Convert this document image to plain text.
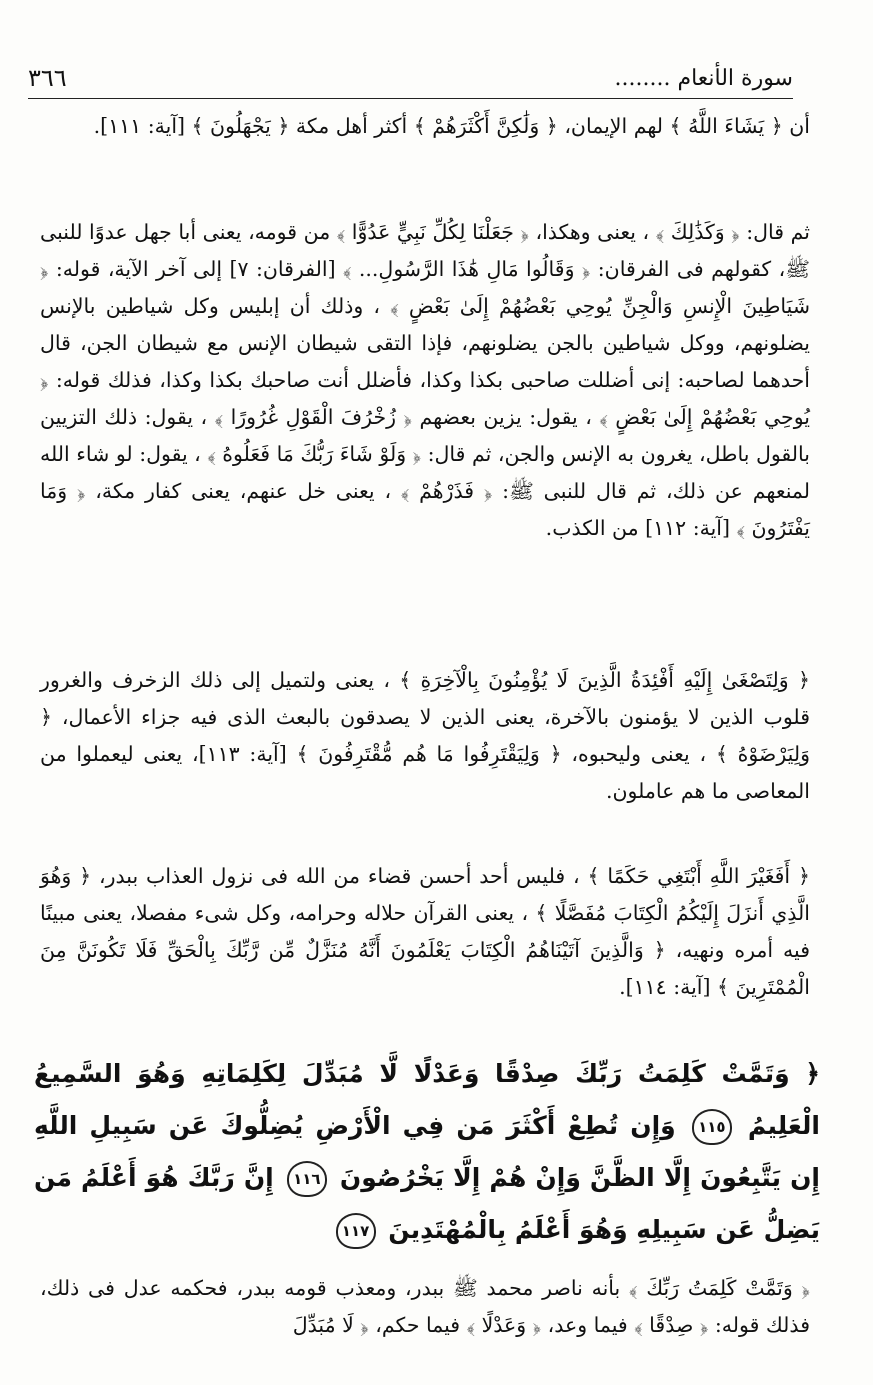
سورة الأنعام ........
٣٦٦
أن ﴿ يَشَاءَ اللَّهُ ﴾ لهم الإيمان، ﴿ وَلَٰكِنَّ أَكْثَرَهُمْ ﴾ أكثر أهل مكة ﴿ يَجْهَلُونَ ﴾ [آية: ١١١].
ثم قال: ﴿ وَكَذَٰلِكَ ﴾ ، يعنى وهكذا، ﴿ جَعَلْنَا لِكُلِّ نَبِيٍّ عَدُوًّا ﴾ من قومه، يعنى أبا جهل عدوًا للنبى ﷺ، كقولهم فى الفرقان: ﴿ وَقَالُوا مَالِ هَٰذَا الرَّسُولِ... ﴾ [الفرقان: ٧] إلى آخر الآية، قوله: ﴿ شَيَاطِينَ الْإِنسِ وَالْجِنِّ يُوحِي بَعْضُهُمْ إِلَىٰ بَعْضٍ ﴾ ، وذلك أن إبليس وكل شياطين بالإنس يضلونهم، ووكل شياطين بالجن يضلونهم، فإذا التقى شيطان الإنس مع شيطان الجن، قال أحدهما لصاحبه: إنى أضللت صاحبى بكذا وكذا، فأضلل أنت صاحبك بكذا وكذا، فذلك قوله: ﴿ يُوحِي بَعْضُهُمْ إِلَىٰ بَعْضٍ ﴾ ، يقول: يزين بعضهم ﴿ زُخْرُفَ الْقَوْلِ غُرُورًا ﴾ ، يقول: ذلك التزيين بالقول باطل، يغرون به الإنس والجن، ثم قال: ﴿ وَلَوْ شَاءَ رَبُّكَ مَا فَعَلُوهُ ﴾ ، يقول: لو شاء الله لمنعهم عن ذلك، ثم قال للنبى ﷺ: ﴿ فَذَرْهُمْ ﴾ ، يعنى خل عنهم، يعنى كفار مكة، ﴿ وَمَا يَفْتَرُونَ ﴾ [آية: ١١٢] من الكذب.
﴿ وَلِتَصْغَىٰ إِلَيْهِ أَفْئِدَةُ الَّذِينَ لَا يُؤْمِنُونَ بِالْآخِرَةِ ﴾ ، يعنى ولتميل إلى ذلك الزخرف والغرور قلوب الذين لا يؤمنون بالآخرة، يعنى الذين لا يصدقون بالبعث الذى فيه جزاء الأعمال، ﴿ وَلِيَرْضَوْهُ ﴾ ، يعنى وليحبوه، ﴿ وَلِيَقْتَرِفُوا مَا هُم مُّقْتَرِفُونَ ﴾ [آية: ١١٣]، يعنى ليعملوا من المعاصى ما هم عاملون.
﴿ أَفَغَيْرَ اللَّهِ أَبْتَغِي حَكَمًا ﴾ ، فليس أحد أحسن قضاء من الله فى نزول العذاب ببدر، ﴿ وَهُوَ الَّذِي أَنزَلَ إِلَيْكُمُ الْكِتَابَ مُفَصَّلًا ﴾ ، يعنى القرآن حلاله وحرامه، وكل شىء مفصلا، يعنى مبينًا فيه أمره ونهيه، ﴿ وَالَّذِينَ آتَيْنَاهُمُ الْكِتَابَ يَعْلَمُونَ أَنَّهُ مُنَزَّلٌ مِّن رَّبِّكَ بِالْحَقِّ فَلَا تَكُونَنَّ مِنَ الْمُمْتَرِينَ ﴾ [آية: ١١٤].
﴿ وَتَمَّتْ كَلِمَتُ رَبِّكَ صِدْقًا وَعَدْلًا لَّا مُبَدِّلَ لِكَلِمَاتِهِ وَهُوَ السَّمِيعُ الْعَلِيمُ ١١٥ وَإِن تُطِعْ أَكْثَرَ مَن فِي الْأَرْضِ يُضِلُّوكَ عَن سَبِيلِ اللَّهِ إِن يَتَّبِعُونَ إِلَّا الظَّنَّ وَإِنْ هُمْ إِلَّا يَخْرُصُونَ ١١٦ إِنَّ رَبَّكَ هُوَ أَعْلَمُ مَن يَضِلُّ عَن سَبِيلِهِ وَهُوَ أَعْلَمُ بِالْمُهْتَدِينَ ١١٧
﴿ وَتَمَّتْ كَلِمَتُ رَبِّكَ ﴾ بأنه ناصر محمد ﷺ ببدر، ومعذب قومه ببدر، فحكمه عدل فى ذلك، فذلك قوله: ﴿ صِدْقًا ﴾ فيما وعد، ﴿ وَعَدْلًا ﴾ فيما حكم، ﴿ لَا مُبَدِّلَ
